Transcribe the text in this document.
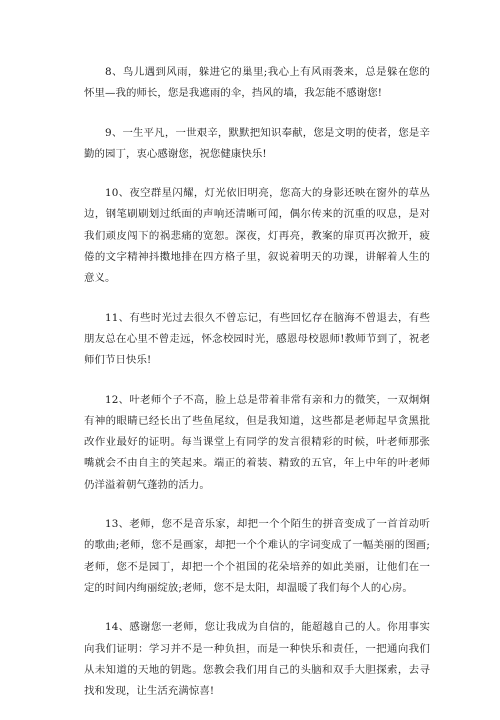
8、鸟儿遇到风雨，躲进它的巢里;我心上有风雨袭来，总是躲在您的怀里—我的师长，您是我遮雨的伞，挡风的墙，我怎能不感谢您!

9、一生平凡，一世艰辛，默默把知识奉献，您是文明的使者，您是辛勤的园丁，衷心感谢您，祝您健康快乐!

10、夜空群星闪耀，灯光依旧明亮，您高大的身影还映在窗外的草丛边，钢笔刷刷划过纸面的声响还清晰可闻，偶尔传来的沉重的叹息，是对我们顽皮闯下的祸悲痛的宽恕。深夜，灯再亮，教案的扉页再次掀开，疲倦的文字精神抖擞地排在四方格子里，叙说着明天的功课，讲解着人生的意义。

11、有些时光过去很久不曾忘记，有些回忆存在脑海不曾退去，有些朋友总在心里不曾走远，怀念校园时光，感恩母校恩师!教师节到了，祝老师们节日快乐!

12、叶老师个子不高，脸上总是带着非常有亲和力的微笑，一双炯炯有神的眼睛已经长出了些鱼尾纹，但是我知道，这些都是老师起早贪黑批改作业最好的证明。每当课堂上有同学的发言很精彩的时候，叶老师那张嘴就会不由自主的笑起来。端正的着装、精致的五官，年上中年的叶老师仍洋溢着朝气蓬勃的活力。

13、老师，您不是音乐家，却把一个个陌生的拼音变成了一首首动听的歌曲;老师，您不是画家，却把一个个难认的字词变成了一幅美丽的图画;老师，您不是园丁，却把一个个祖国的花朵培养的如此美丽，让他们在一定的时间内绚丽绽放;老师，您不是太阳，却温暖了我们每个人的心房。

14、感谢您一老师，您让我成为自信的，能超越自己的人。你用事实向我们证明：学习并不是一种负担，而是一种快乐和责任，一把通向我们从未知道的天地的钥匙。您教会我们用自己的头脑和双手大胆探索，去寻找和发现，让生活充满惊喜!
